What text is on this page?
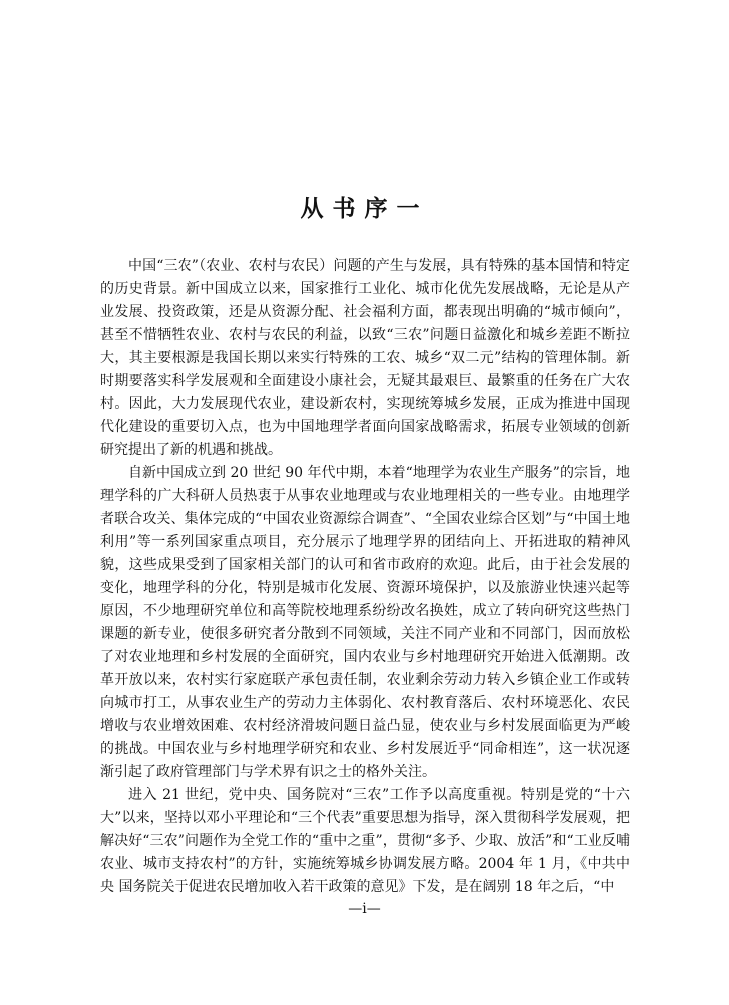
从书序一

中国“三农”（农业、农村与农民）问题的产生与发展，具有特殊的基本国情和特定的历史背景。新中国成立以来，国家推行工业化、城市化优先发展战略，无论是从产业发展、投资政策，还是从资源分配、社会福利方面，都表现出明确的“城市倾向”，甚至不惜牺牲农业、农村与农民的利益，以致“三农”问题日益激化和城乡差距不断拉大，其主要根源是我国长期以来实行特殊的工农、城乡“双二元”结构的管理体制。新时期要落实科学发展观和全面建设小康社会，无疑其最艰巨、最繁重的任务在广大农村。因此，大力发展现代农业，建设新农村，实现统筹城乡发展，正成为推进中国现代化建设的重要切入点，也为中国地理学者面向国家战略需求，拓展专业领域的创新研究提出了新的机遇和挑战。

自新中国成立到 20 世纪 90 年代中期，本着“地理学为农业生产服务”的宗旨，地理学科的广大科研人员热衷于从事农业地理或与农业地理相关的一些专业。由地理学者联合攻关、集体完成的“中国农业资源综合调查”、“全国农业综合区划”与“中国土地利用”等一系列国家重点项目，充分展示了地理学界的团结向上、开拓进取的精神风貌，这些成果受到了国家相关部门的认可和省市政府的欢迎。此后，由于社会发展的变化，地理学科的分化，特别是城市化发展、资源环境保护，以及旅游业快速兴起等原因，不少地理研究单位和高等院校地理系纷纷改名换姓，成立了转向研究这些热门课题的新专业，使很多研究者分散到不同领域，关注不同产业和不同部门，因而放松了对农业地理和乡村发展的全面研究，国内农业与乡村地理研究开始进入低潮期。改革开放以来，农村实行家庭联产承包责任制，农业剩余劳动力转入乡镇企业工作或转向城市打工，从事农业生产的劳动力主体弱化、农村教育落后、农村环境恶化、农民增收与农业增效困难、农村经济滑坡问题日益凸显，使农业与乡村发展面临更为严峻的挑战。中国农业与乡村地理学研究和农业、乡村发展近乎“同命相连”，这一状况逐渐引起了政府管理部门与学术界有识之士的格外关注。

进入 21 世纪，党中央、国务院对“三农”工作予以高度重视。特别是党的“十六大”以来，坚持以邓小平理论和“三个代表”重要思想为指导，深入贯彻科学发展观，把解决好“三农”问题作为全党工作的“重中之重”，贯彻“多予、少取、放活”和“工业反哺农业、城市支持农村”的方针，实施统筹城乡协调发展方略。2004 年 1 月，《中共中央 国务院关于促进农民增加收入若干政策的意见》下发，是在阔别 18 年之后，“中

—i—
